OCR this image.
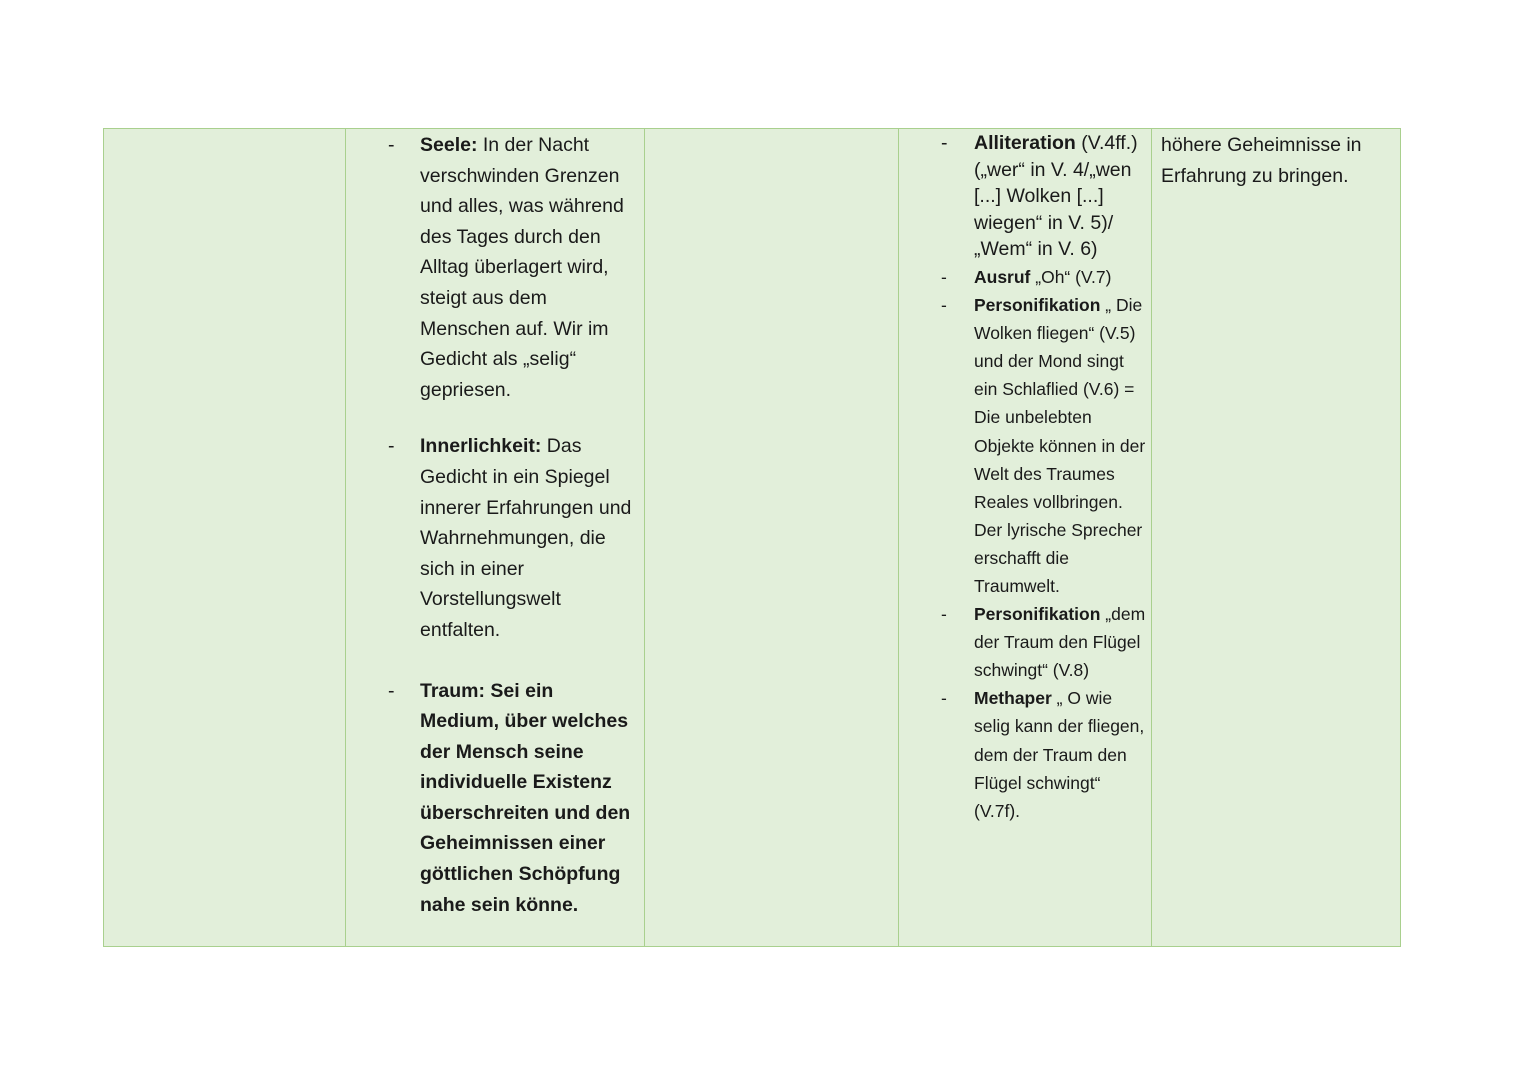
- Seele: In der Nacht verschwinden Grenzen und alles, was während des Tages durch den Alltag überlagert wird, steigt aus dem Menschen auf. Wir im Gedicht als „selig“ gepriesen.
- Innerlichkeit: Das Gedicht in ein Spiegel innerer Erfahrungen und Wahrnehmungen, die sich in einer Vorstellungswelt entfalten.
- Traum: Sei ein Medium, über welches der Mensch seine individuelle Existenz überschreiten und den Geheimnissen einer göttlichen Schöpfung nahe sein könne.
- Alliteration (V.4ff.) („wer“ in V. 4/„wen [...] Wolken [...] wiegen“ in V. 5)/„Wem“ in V. 6)
- Ausruf „Oh“ (V.7)
- Personifikation „ Die Wolken fliegen“ (V.5) und der Mond singt ein Schlaflied (V.6) = Die unbelebten Objekte können in der Welt des Traumes Reales vollbringen. Der lyrische Sprecher erschafft die Traumwelt.
- Personifikation „dem der Traum den Flügel schwingt“ (V.8)
- Methaper „ O wie selig kann der fliegen, dem der Traum den Flügel schwingt“ (V.7f).

höhere Geheimnisse in Erfahrung zu bringen.
